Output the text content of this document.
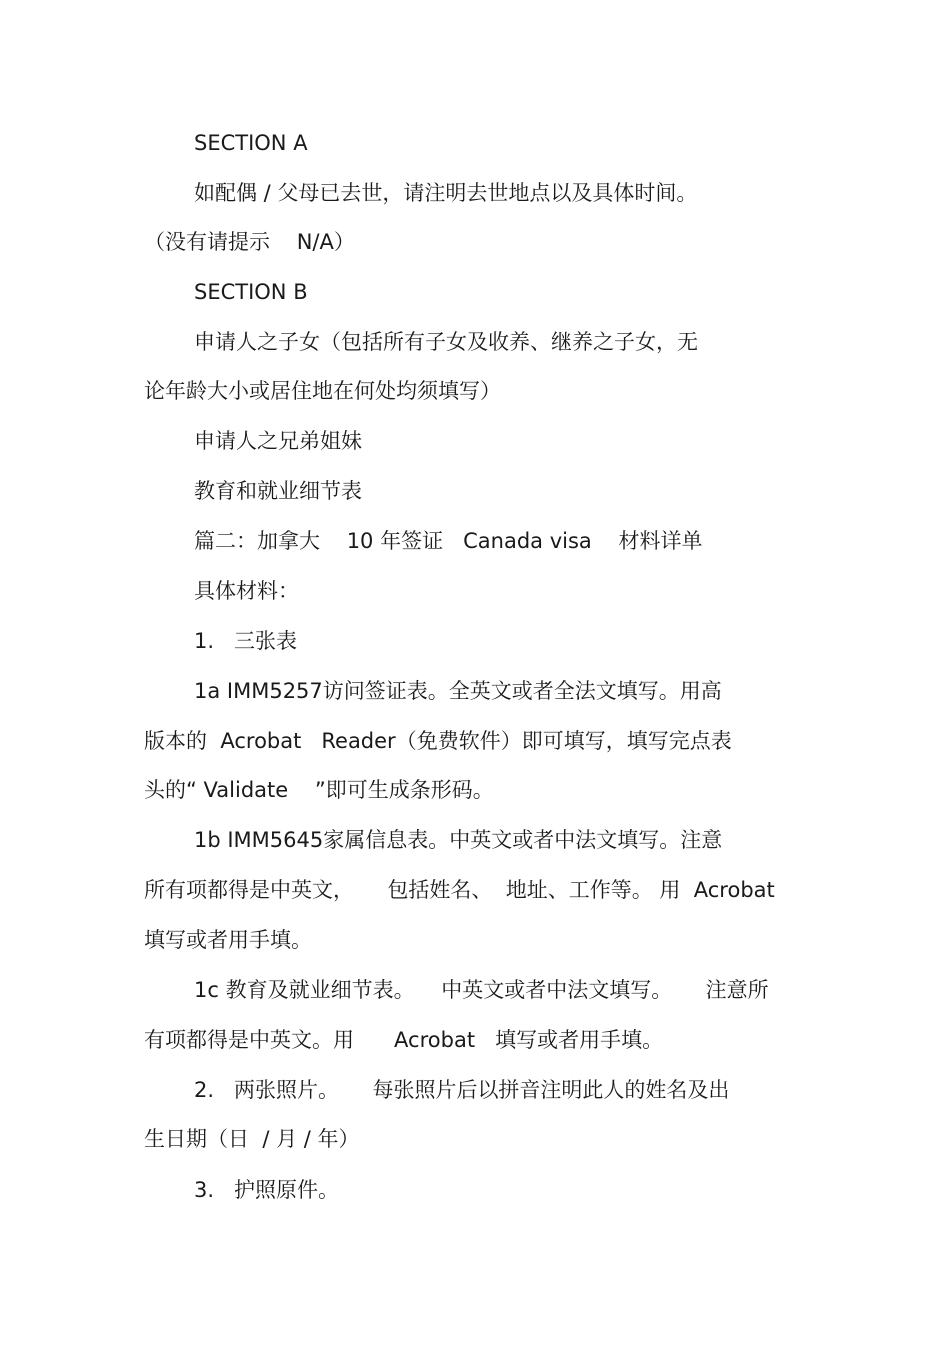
SECTION A

如配偶 / 父母已去世，请注明去世地点以及具体时间。

（没有请提示    N/A）

SECTION B

申请人之子女（包括所有子女及收养、继养之子女，无

论年龄大小或居住地在何处均须填写）

申请人之兄弟姐妹

教育和就业细节表

篇二：加拿大    10 年签证   Canada visa    材料详单

具体材料：

1.   三张表

1a IMM5257访问签证表。全英文或者全法文填写。用高

版本的  Acrobat   Reader（免费软件）即可填写，填写完点表

头的“ Validate    ”即可生成条形码。

1b IMM5645家属信息表。中英文或者中法文填写。注意

所有项都得是中英文，     包括姓名、  地址、工作等。 用  Acrobat

填写或者用手填。

1c 教育及就业细节表。    中英文或者中法文填写。     注意所

有项都得是中英文。用      Acrobat   填写或者用手填。

2.   两张照片。     每张照片后以拼音注明此人的姓名及出

生日期（日  / 月 / 年）

3.   护照原件。
